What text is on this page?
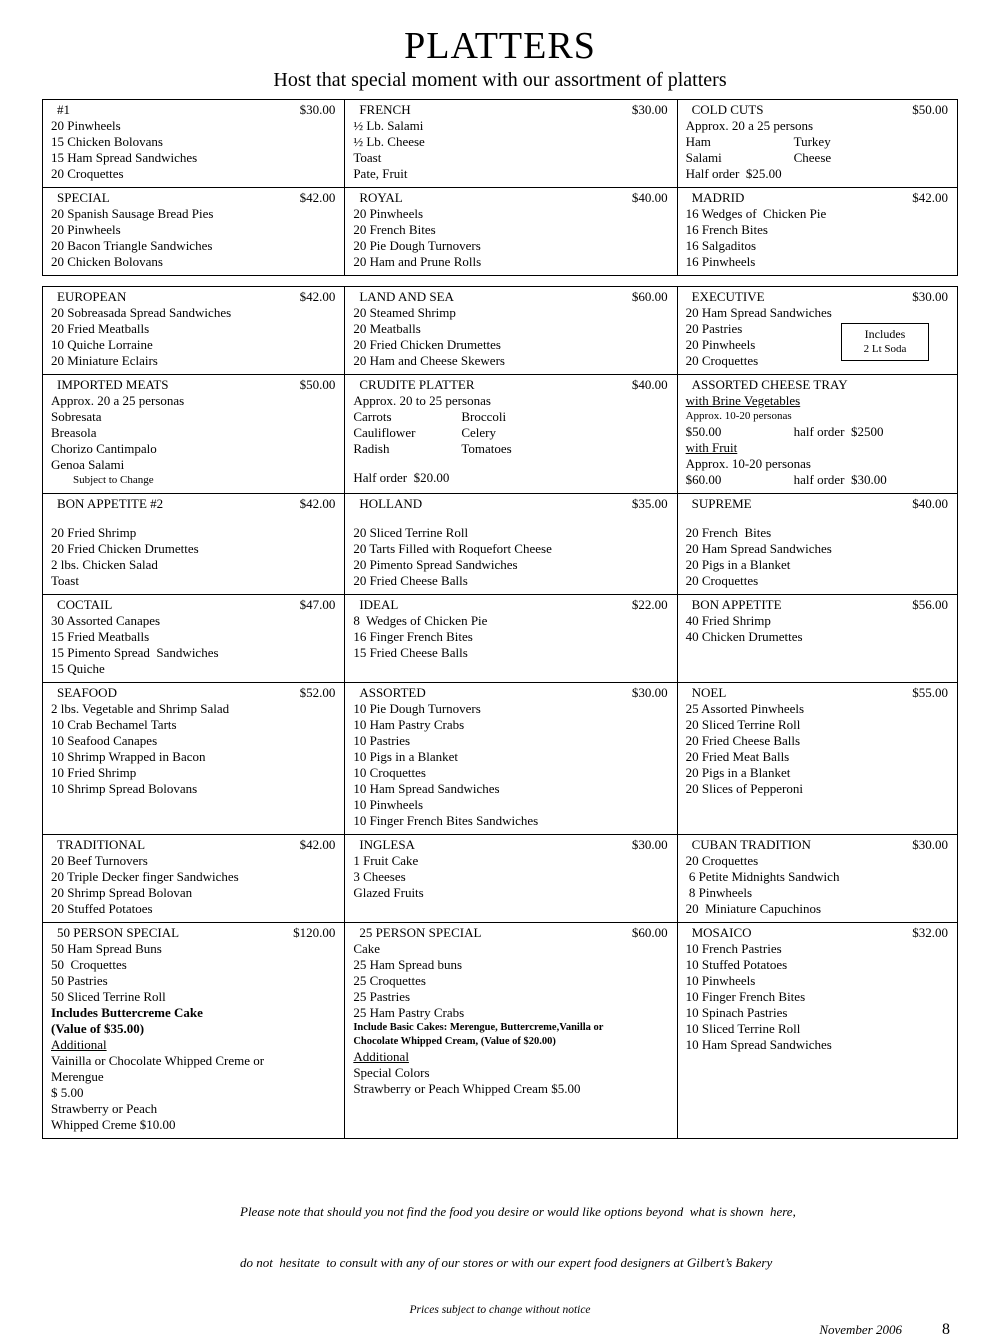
PLATTERS
Host that special moment with our assortment of platters
#1	$30.00
20 Pinwheels
15 Chicken Bolovans
15 Ham Spread Sandwiches
20 Croquettes
FRENCH	$30.00
½ Lb. Salami
½ Lb. Cheese
Toast
Pate, Fruit
COLD CUTS	$50.00
Approx. 20 a 25 persons
Ham	Turkey
Salami	Cheese
Half order  $25.00
SPECIAL	$42.00
20 Spanish Sausage Bread Pies
20 Pinwheels
20 Bacon Triangle Sandwiches
20 Chicken Bolovans
ROYAL	$40.00
20 Pinwheels
20 French Bites
20 Pie Dough Turnovers
20 Ham and Prune Rolls
MADRID	$42.00
16 Wedges of  Chicken Pie
16 French Bites
16 Salgaditos
16 Pinwheels
EUROPEAN	$42.00
20 Sobreasada Spread Sandwiches
20 Fried Meatballs
10 Quiche Lorraine
20 Miniature Eclairs
LAND AND SEA	$60.00
20 Steamed Shrimp
20 Meatballs
20 Fried Chicken Drumettes
20 Ham and Cheese Skewers
EXECUTIVE	$30.00
20 Ham Spread Sandwiches
20 Pastries
20 Pinwheels
20 Croquettes
Includes
2 Lt Soda
IMPORTED MEATS	$50.00
Approx. 20 a 25 personas
Sobresata
Breasola
Chorizo Cantimpalo
Genoa Salami
Subject to Change
CRUDITE PLATTER	$40.00
Approx. 20 to 25 personas
Carrots	Broccoli
Cauliflower	Celery
Radish	Tomatoes
Half order  $20.00
ASSORTED CHEESE TRAY
with Brine Vegetables
Approx. 10-20 personas
$50.00	half order  $2500
with Fruit
Approx. 10-20 personas
$60.00	half order  $30.00
BON APPETITE #2	$42.00
20 Fried Shrimp
20 Fried Chicken Drumettes
2 lbs. Chicken Salad
Toast
HOLLAND	$35.00
20 Sliced Terrine Roll
20 Tarts Filled with Roquefort Cheese
20 Pimento Spread Sandwiches
20 Fried Cheese Balls
SUPREME	$40.00
20 French  Bites
20 Ham Spread Sandwiches
20 Pigs in a Blanket
20 Croquettes
COCTAIL	$47.00
30 Assorted Canapes
15 Fried Meatballs
15 Pimento Spread  Sandwiches
15 Quiche
IDEAL	$22.00
8  Wedges of Chicken Pie
16 Finger French Bites
15 Fried Cheese Balls
BON APPETITE	$56.00
40 Fried Shrimp
40 Chicken Drumettes
SEAFOOD	$52.00
2 lbs. Vegetable and Shrimp Salad
10 Crab Bechamel Tarts
10 Seafood Canapes
10 Shrimp Wrapped in Bacon
10 Fried Shrimp
10 Shrimp Spread Bolovans
ASSORTED	$30.00
10 Pie Dough Turnovers
10 Ham Pastry Crabs
10 Pastries
10 Pigs in a Blanket
10 Croquettes
10 Ham Spread Sandwiches
10 Pinwheels
10 Finger French Bites Sandwiches
NOEL	$55.00
25 Assorted Pinwheels
20 Sliced Terrine Roll
20 Fried Cheese Balls
20 Fried Meat Balls
20 Pigs in a Blanket
20 Slices of Pepperoni
TRADITIONAL	$42.00
20 Beef Turnovers
20 Triple Decker finger Sandwiches
20 Shrimp Spread Bolovan
20 Stuffed Potatoes
INGLESA	$30.00
1 Fruit Cake
3 Cheeses
Glazed Fruits
CUBAN TRADITION	$30.00
20 Croquettes
6 Petite Midnights Sandwich
8 Pinwheels
20  Miniature Capuchinos
50 PERSON SPECIAL	$120.00
50 Ham Spread Buns
50  Croquettes
50 Pastries
50 Sliced Terrine Roll
Includes Buttercreme Cake
(Value of $35.00)
Additional
Vainilla or Chocolate Whipped Creme or
Merengue
$ 5.00
Strawberry or Peach
Whipped Creme $10.00
25 PERSON SPECIAL	$60.00
Cake
25 Ham Spread buns
25 Croquettes
25 Pastries
25 Ham Pastry Crabs
Include Basic Cakes: Merengue, Buttercreme,Vanilla or
Chocolate Whipped Cream, (Value of $20.00)
Additional
Special Colors
Strawberry or Peach Whipped Cream $5.00
MOSAICO	$32.00
10 French Pastries
10 Stuffed Potatoes
10 Pinwheels
10 Finger French Bites
10 Spinach Pastries
10 Sliced Terrine Roll
10 Ham Spread Sandwiches

Please note that should you not find the food you desire or would like options beyond  what is shown  here,

do not  hesitate  to consult with any of our stores or with our expert food designers at Gilbert’s Bakery

Prices subject to change without notice
November 2006	8
